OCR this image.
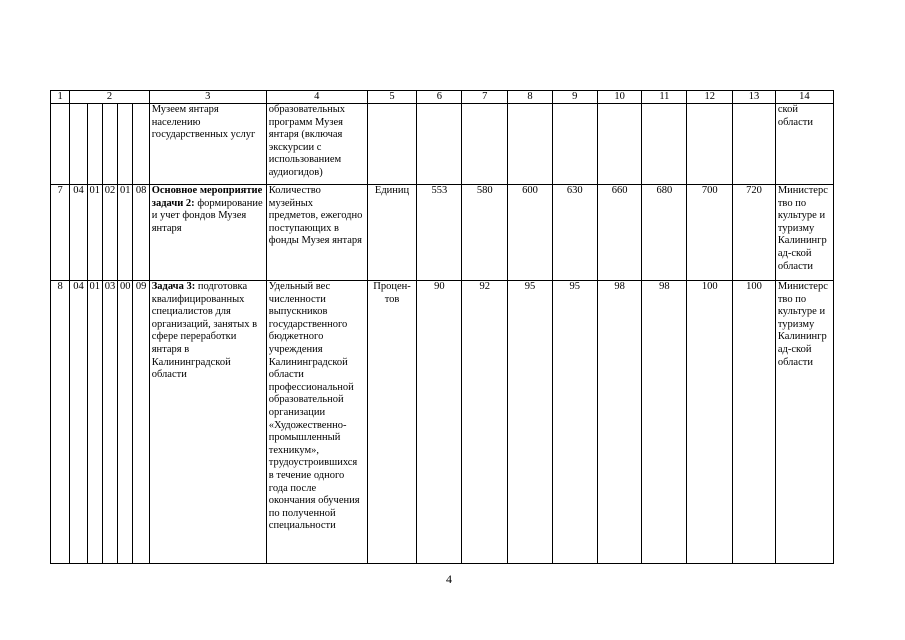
1	2					3	4	5	6	7	8	9	10	11	12	13	14
						Музеем янтаря населению государственных услуг	образовательных программ Музея янтаря (включая экскурсии с использованием аудиогидов)										ской области
7	04	01	02	01	08	Основное мероприятие задачи 2: формирование и учет фондов Музея янтаря	Количество музейных предметов, ежегодно поступающих в фонды Музея янтаря	Единиц	553	580	600	630	660	680	700	720	Министерство по культуре и туризму Калининград-ской области
8	04	01	03	00	09	Задача 3: подготовка квалифицированных специалистов для организаций, занятых в сфере переработки янтаря в Калининградской области	Удельный вес численности выпускников государственного бюджетного учреждения Калининградской области профессиональной образовательной организации «Художественно-промышленный техникум», трудоустроившихся в течение одного года после окончания обучения по полученной специальности	Процен-тов	90	92	95	95	98	98	100	100	Министерство по культуре и туризму Калининград-ской области
4
